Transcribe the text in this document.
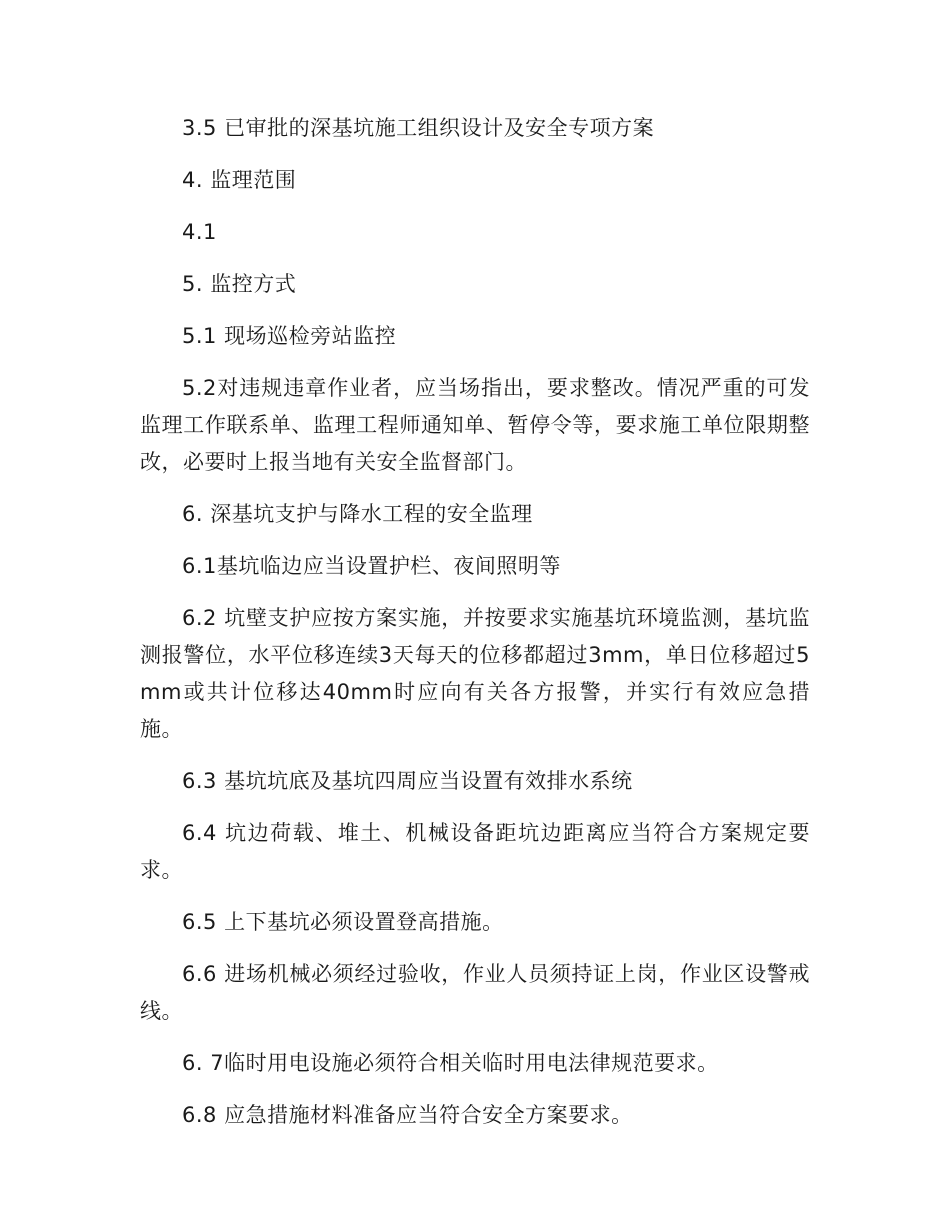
3.5 已审批的深基坑施工组织设计及安全专项方案

4. 监理范围

4.1

5. 监控方式

5.1 现场巡检旁站监控

5.2对违规违章作业者，应当场指出，要求整改。情况严重的可发监理工作联系单、监理工程师通知单、暂停令等，要求施工单位限期整改，必要时上报当地有关安全监督部门。

6. 深基坑支护与降水工程的安全监理

6.1基坑临边应当设置护栏、夜间照明等

6.2 坑壁支护应按方案实施，并按要求实施基坑环境监测，基坑监测报警位，水平位移连续3天每天的位移都超过3mm，单日位移超过5mm或共计位移达40mm时应向有关各方报警，并实行有效应急措施。

6.3 基坑坑底及基坑四周应当设置有效排水系统

6.4 坑边荷载、堆土、机械设备距坑边距离应当符合方案规定要求。

6.5 上下基坑必须设置登高措施。

6.6 进场机械必须经过验收，作业人员须持证上岗，作业区设警戒线。

6. 7临时用电设施必须符合相关临时用电法律规范要求。

6.8 应急措施材料准备应当符合安全方案要求。
